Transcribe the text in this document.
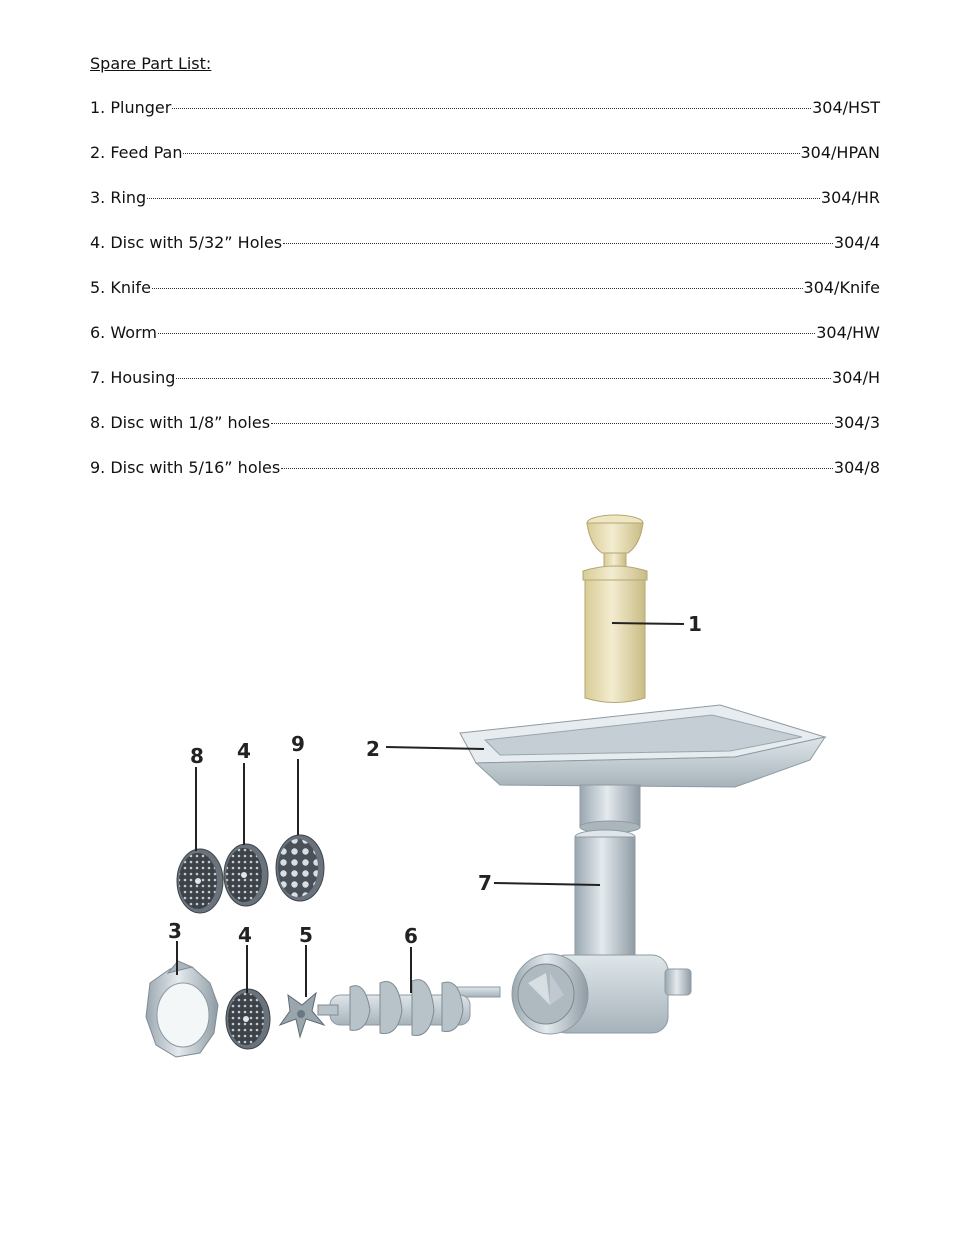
Spare Part List:
1. Plunger	304/HST
2. Feed Pan	304/HPAN
3. Ring	304/HR
4. Disc with 5/32” Holes	304/4
5. Knife	304/Knife
6. Worm	304/HW
7. Housing	304/H
8. Disc with 1/8” holes	304/3
9. Disc with 5/16” holes	304/8
1
2
7
6
5
4
3
8 4 9
